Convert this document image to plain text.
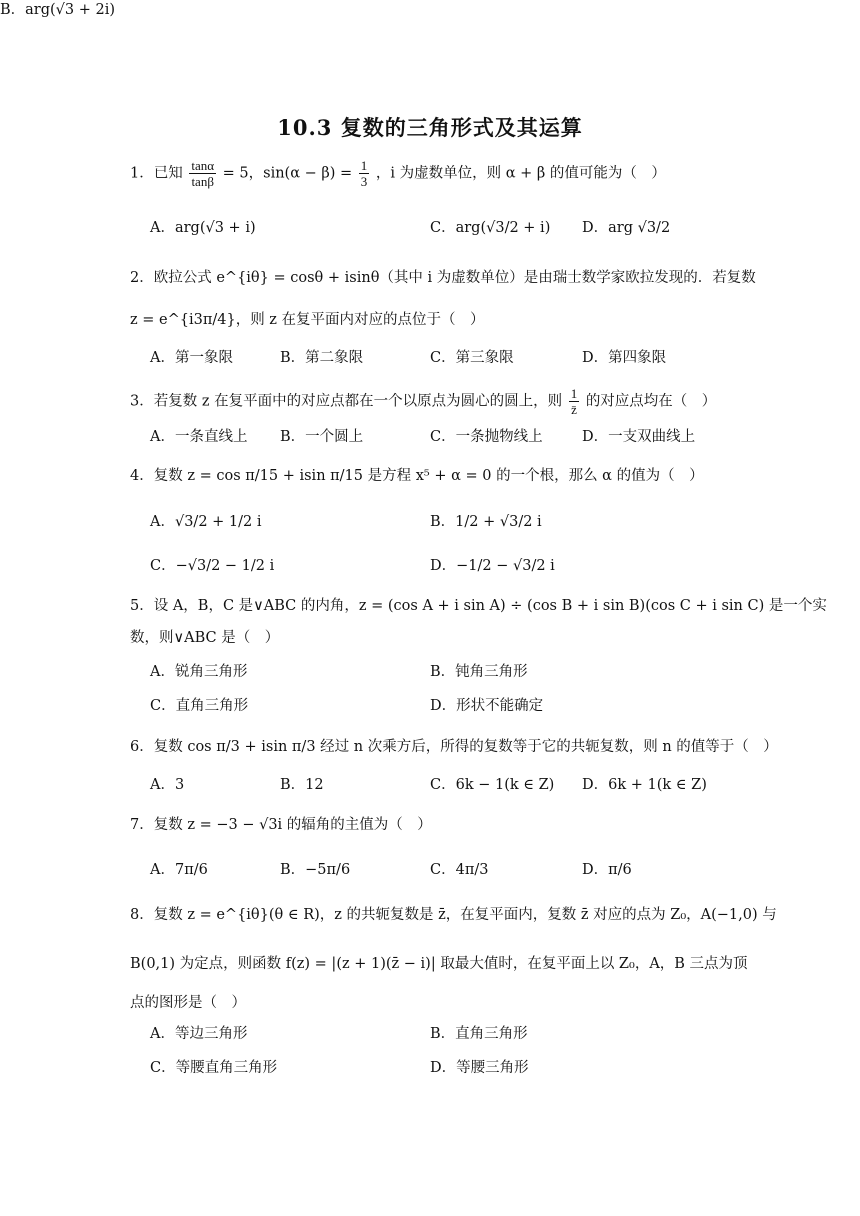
10.3 复数的三角形式及其运算
1．已知 $\frac{\tan\alpha}{\tan\beta} = 5$，$\sin(\alpha - \beta) = \frac{1}{3}$ ，i 为虚数单位，则 α + β 的值可能为（　）
A．arg(√3 + i)
B．arg(√3 + 2i)
C．arg(√3/2 + i) D．arg √3/2
2．欧拉公式 e^{iθ} = cosθ + isinθ（其中 i 为虚数单位）是由瑞士数学家欧拉发现的．若复数
z = e^{i3π/4}，则 z 在复平面内对应的点位于（　）
A．第一象限	B．第二象限	C．第三象限	D．第四象限
3．若复数 z 在复平面中的对应点都在一个以原点为圆心的圆上，则 $\frac{1}{z̄}$ 的对应点均在（　）
A．一条直线上 B．一个圆上	C．一条抛物线上	D．一支双曲线上
4．复数 z = cos π/15 + isin π/15 是方程 x⁵ + α = 0 的一个根，那么 α 的值为（　）
A．√3/2 + 1/2 i	B．1/2 + √3/2 i
C．−√3/2 − 1/2 i	D．−1/2 − √3/2 i
5．设 A，B，C 是∨ABC 的内角，z = (cos A + i sin A) ÷ (cos B + i sin B)(cos C + i sin C) 是一个实
数，则∨ABC 是（　）
A．锐角三角形	B．钝角三角形
C．直角三角形	D．形状不能确定
6．复数 cos π/3 + isin π/3 经过 n 次乘方后，所得的复数等于它的共轭复数，则 n 的值等于（　）
A．3	B．12	C．6k − 1(k ∈ Z) D．6k + 1(k ∈ Z)
7．复数 z = −3 − √3i 的辐角的主值为（　）
A．7π/6	B．−5π/6	C．4π/3	D．π/6
8．复数 z = e^{iθ}(θ ∈ R)，z 的共轭复数是 z̄，在复平面内，复数 z̄ 对应的点为 Z₀，A(−1,0) 与
B(0,1) 为定点，则函数 f(z) = |(z + 1)(z̄ − i)| 取最大值时，在复平面上以 Z₀，A，B 三点为顶
点的图形是（　）
A．等边三角形	B．直角三角形
C．等腰直角三角形	D．等腰三角形
